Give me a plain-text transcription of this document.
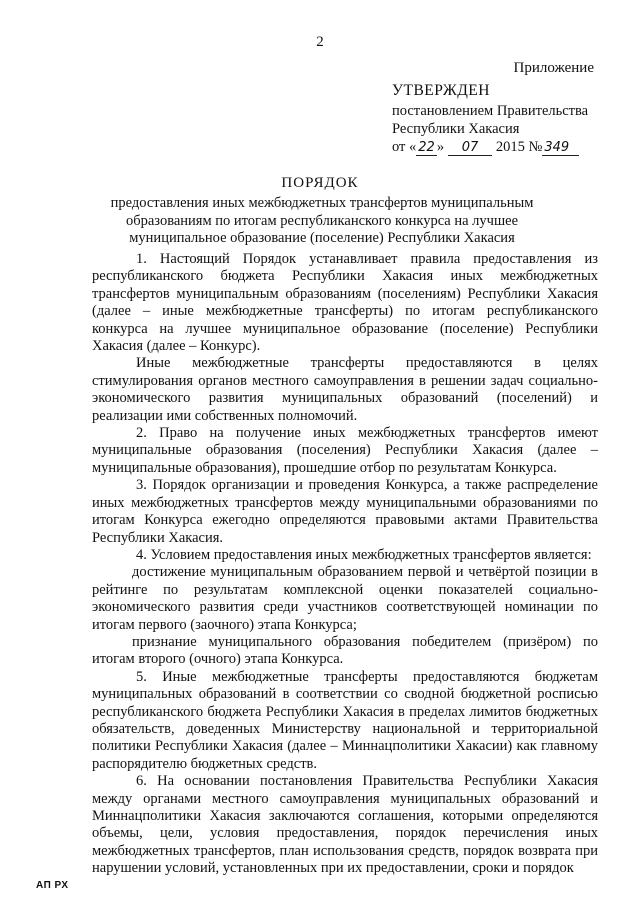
2
Приложение
УТВЕРЖДЕН
постановлением Правительства
Республики Хакасия
от « 22 » 07 2015 № 349
ПОРЯДОК
предоставления иных межбюджетных трансфертов муниципальным образованиям по итогам республиканского конкурса на лучшее муниципальное образование (поселение) Республики Хакасия

1. Настоящий Порядок устанавливает правила предоставления из республиканского бюджета Республики Хакасия иных межбюджетных трансфертов муниципальным образованиям (поселениям) Республики Хакасия (далее – иные межбюджетные трансферты) по итогам республиканского конкурса на лучшее муниципальное образование (поселение) Республики Хакасия (далее – Конкурс).

Иные межбюджетные трансферты предоставляются в целях стимулирования органов местного самоуправления в решении задач социально-экономического развития муниципальных образований (поселений) и реализации ими собственных полномочий.

2. Право на получение иных межбюджетных трансфертов имеют муниципальные образования (поселения) Республики Хакасия (далее – муниципальные образования), прошедшие отбор по результатам Конкурса.

3. Порядок организации и проведения Конкурса, а также распределение иных межбюджетных трансфертов между муниципальными образованиями по итогам Конкурса ежегодно определяются правовыми актами Правительства Республики Хакасия.

4. Условием предоставления иных межбюджетных трансфертов является:

достижение муниципальным образованием первой и четвёртой позиции в рейтинге по результатам комплексной оценки показателей социально-экономического развития среди участников соответствующей номинации по итогам первого (заочного) этапа Конкурса;

признание муниципального образования победителем (призёром) по итогам второго (очного) этапа Конкурса.

5. Иные межбюджетные трансферты предоставляются бюджетам муниципальных образований в соответствии со сводной бюджетной росписью республиканского бюджета Республики Хакасия в пределах лимитов бюджетных обязательств, доведенных Министерству национальной и территориальной политики Республики Хакасия (далее – Миннацполитики Хакасии) как главному распорядителю бюджетных средств.

6. На основании постановления Правительства Республики Хакасия между органами местного самоуправления муниципальных образований и Миннацполитики Хакасия заключаются соглашения, которыми определяются объемы, цели, условия предоставления, порядок перечисления иных межбюджетных трансфертов, план использования средств, порядок возврата при нарушении условий, установленных при их предоставлении, сроки и порядок

АП РХ
